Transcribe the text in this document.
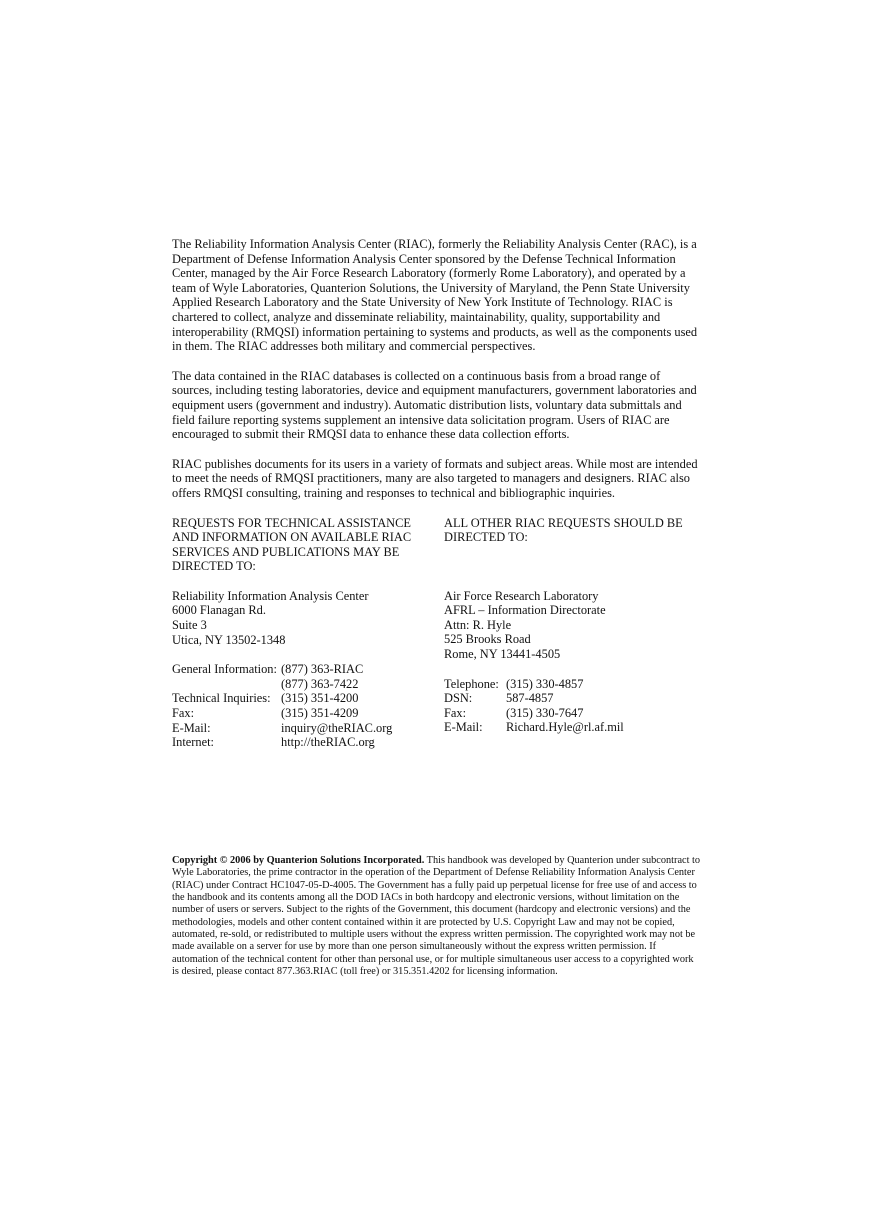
The Reliability Information Analysis Center (RIAC), formerly the Reliability Analysis Center (RAC), is a Department of Defense Information Analysis Center sponsored by the Defense Technical Information Center, managed by the Air Force Research Laboratory (formerly Rome Laboratory), and operated by a team of Wyle Laboratories, Quanterion Solutions, the University of Maryland, the Penn State University Applied Research Laboratory and the State University of New York Institute of Technology. RIAC is chartered to collect, analyze and disseminate reliability, maintainability, quality, supportability and interoperability (RMQSI) information pertaining to systems and products, as well as the components used in them. The RIAC addresses both military and commercial perspectives.

The data contained in the RIAC databases is collected on a continuous basis from a broad range of sources, including testing laboratories, device and equipment manufacturers, government laboratories and equipment users (government and industry). Automatic distribution lists, voluntary data submittals and field failure reporting systems supplement an intensive data solicitation program. Users of RIAC are encouraged to submit their RMQSI data to enhance these data collection efforts.

RIAC publishes documents for its users in a variety of formats and subject areas. While most are intended to meet the needs of RMQSI practitioners, many are also targeted to managers and designers. RIAC also offers RMQSI consulting, training and responses to technical and bibliographic inquiries.

REQUESTS FOR TECHNICAL ASSISTANCE AND INFORMATION ON AVAILABLE RIAC SERVICES AND PUBLICATIONS MAY BE DIRECTED TO:
Reliability Information Analysis Center
6000 Flanagan Rd.
Suite 3
Utica, NY 13502-1348
General Information: (877) 363-RIAC
(877) 363-7422
Technical Inquiries: (315) 351-4200
Fax:	(315) 351-4209
E-Mail:	inquiry@theRIAC.org
Internet:	http://theRIAC.org
ALL OTHER RIAC REQUESTS SHOULD BE DIRECTED TO:
Air Force Research Laboratory
AFRL – Information Directorate
Attn: R. Hyle
525 Brooks Road
Rome, NY 13441-4505
Telephone: (315) 330-4857
DSN:	587-4857
Fax:	(315) 330-7647
E-Mail:	Richard.Hyle@rl.af.mil
Copyright © 2006 by Quanterion Solutions Incorporated. This handbook was developed by Quanterion under subcontract to Wyle Laboratories, the prime contractor in the operation of the Department of Defense Reliability Information Analysis Center (RIAC) under Contract HC1047-05-D-4005. The Government has a fully paid up perpetual license for free use of and access to the handbook and its contents among all the DOD IACs in both hardcopy and electronic versions, without limitation on the number of users or servers. Subject to the rights of the Government, this document (hardcopy and electronic versions) and the methodologies, models and other content contained within it are protected by U.S. Copyright Law and may not be copied, automated, re-sold, or redistributed to multiple users without the express written permission. The copyrighted work may not be made available on a server for use by more than one person simultaneously without the express written permission. If automation of the technical content for other than personal use, or for multiple simultaneous user access to a copyrighted work is desired, please contact 877.363.RIAC (toll free) or 315.351.4202 for licensing information.
